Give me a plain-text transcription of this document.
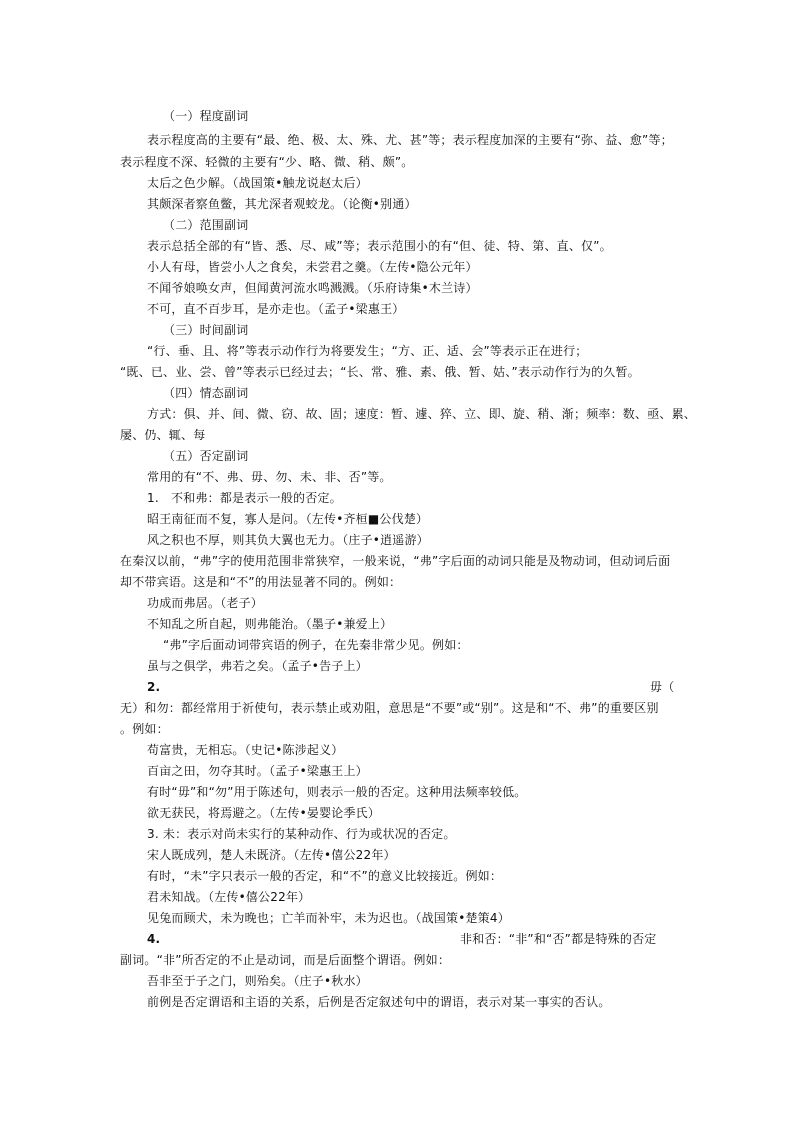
（一）程度副词
表示程度高的主要有“最、绝、极、太、殊、尤、甚”等；表示程度加深的主要有“弥、益、愈”等；
表示程度不深、轻微的主要有“少、略、微、稍、颇”。
太后之色少解。（战国策•触龙说赵太后）
其颇深者察鱼鳖，其尤深者观蛟龙。（论衡•别通）
（二）范围副词
表示总括全部的有“皆、悉、尽、咸”等；表示范围小的有“但、徒、特、第、直、仅”。
小人有母，皆尝小人之食矣，未尝君之羹。（左传•隐公元年）
不闻爷娘唤女声，但闻黄河流水鸣溅溅。（乐府诗集•木兰诗）
不可，直不百步耳，是亦走也。（孟子•梁惠王）
（三）时间副词
“行、垂、且、将”等表示动作行为将要发生；“方、正、适、会”等表示正在进行；
“既、已、业、尝、曾”等表示已经过去；“长、常、雅、素、俄、暂、姑、”表示动作行为的久暂。
（四）情态副词
方式：俱、并、间、微、窃、故、固；速度：暂、遽、猝、立、即、旋、稍、渐；频率：数、亟、累、
屡、仍、辄、每
（五）否定副词
常用的有“不、弗、毋、勿、未、非、否”等。
1.　不和弗：都是表示一般的否定。
昭王南征而不复，寡人是问。（左传•齐桓■公伐楚）
风之积也不厚，则其负大翼也无力。（庄子•逍遥游）
在秦汉以前，“弗”字的使用范围非常狭窄，一般来说，“弗”字后面的动词只能是及物动词，但动词后面
却不带宾语。这是和“不”的用法显著不同的。例如：
功成而弗居。（老子）
不知乱之所自起，则弗能治。（墨子•兼爱上）
“弗”字后面动词带宾语的例子，在先秦非常少见。例如：
虽与之俱学，弗若之矣。（孟子•告子上）
2.	毋（
无）和勿：都经常用于祈使句，表示禁止或劝阻，意思是“不要”或“别”。这是和“不、弗”的重要区别
。例如：
苟富贵，无相忘。（史记•陈涉起义）
百亩之田，勿夺其时。（孟子•梁惠王上）
有时“毋”和“勿”用于陈述句，则表示一般的否定。这种用法频率较低。
欲无获民，将焉避之。（左传•晏婴论季氏）
3. 未：表示对尚未实行的某种动作、行为或状况的否定。
宋人既成列，楚人未既济。（左传•僖公22年）
有时，“未”字只表示一般的否定，和“不”的意义比较接近。例如：
君未知战。（左传•僖公22年）
见兔而顾犬，未为晚也；亡羊而补牢，未为迟也。（战国策•楚策4）
4.	非和否：“非”和“否”都是特殊的否定
副词。“非”所否定的不止是动词，而是后面整个谓语。例如：
吾非至于子之门，则殆矣。（庄子•秋水）
前例是否定谓语和主语的关系，后例是否定叙述句中的谓语，表示对某一事实的否认。
